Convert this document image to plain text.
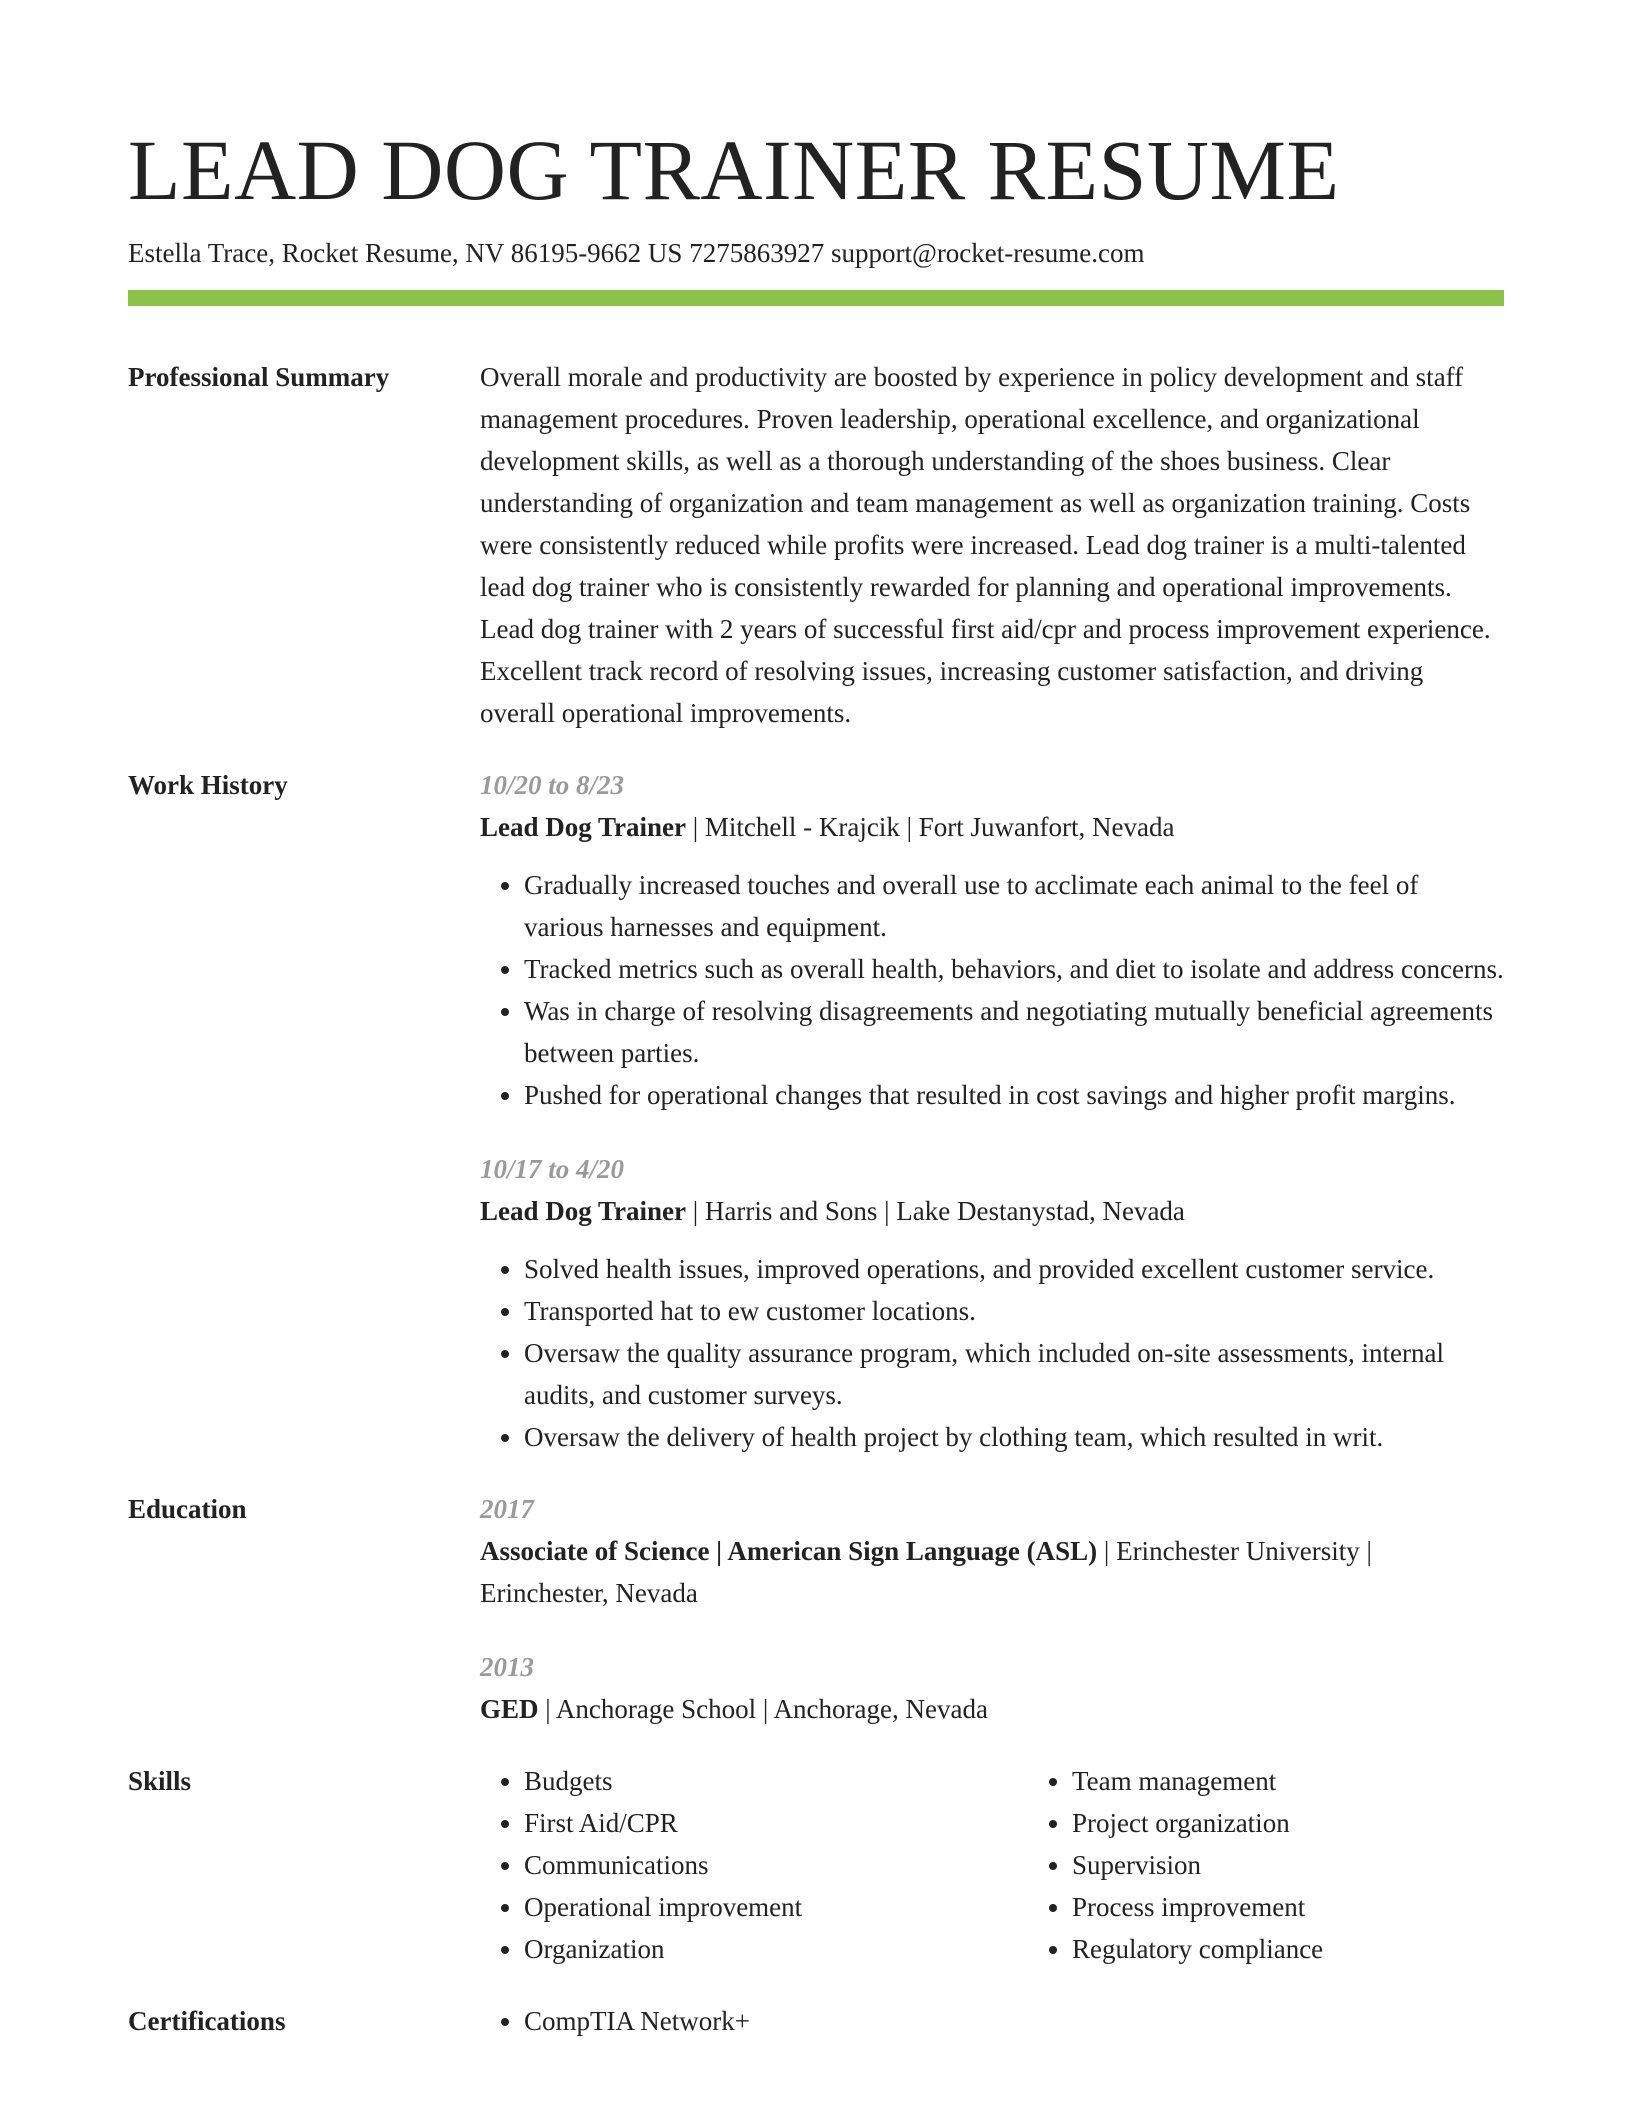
LEAD DOG TRAINER RESUME
Estella Trace, Rocket Resume, NV 86195-9662 US 7275863927 support@rocket-resume.com
Professional Summary	Overall morale and productivity are boosted by experience in policy development and staff management procedures. Proven leadership, operational excellence, and organizational development skills, as well as a thorough understanding of the shoes business. Clear understanding of organization and team management as well as organization training. Costs were consistently reduced while profits were increased. Lead dog trainer is a multi-talented lead dog trainer who is consistently rewarded for planning and operational improvements. Lead dog trainer with 2 years of successful first aid/cpr and process improvement experience. Excellent track record of resolving issues, increasing customer satisfaction, and driving overall operational improvements.
Work History	10/20 to 8/23
Lead Dog Trainer | Mitchell - Krajcik | Fort Juwanfort, Nevada
• Gradually increased touches and overall use to acclimate each animal to the feel of various harnesses and equipment.
• Tracked metrics such as overall health, behaviors, and diet to isolate and address concerns.
• Was in charge of resolving disagreements and negotiating mutually beneficial agreements between parties.
• Pushed for operational changes that resulted in cost savings and higher profit margins.
10/17 to 4/20
Lead Dog Trainer | Harris and Sons | Lake Destanystad, Nevada
• Solved health issues, improved operations, and provided excellent customer service.
• Transported hat to ew customer locations.
• Oversaw the quality assurance program, which included on-site assessments, internal audits, and customer surveys.
• Oversaw the delivery of health project by clothing team, which resulted in writ.
Education	2017
Associate of Science | American Sign Language (ASL) | Erinchester University | Erinchester, Nevada
2013
GED | Anchorage School | Anchorage, Nevada
Skills	• Budgets
• First Aid/CPR
• Communications
• Operational improvement
• Organization
• Team management
• Project organization
• Supervision
• Process improvement
• Regulatory compliance
Certifications	• CompTIA Network+
